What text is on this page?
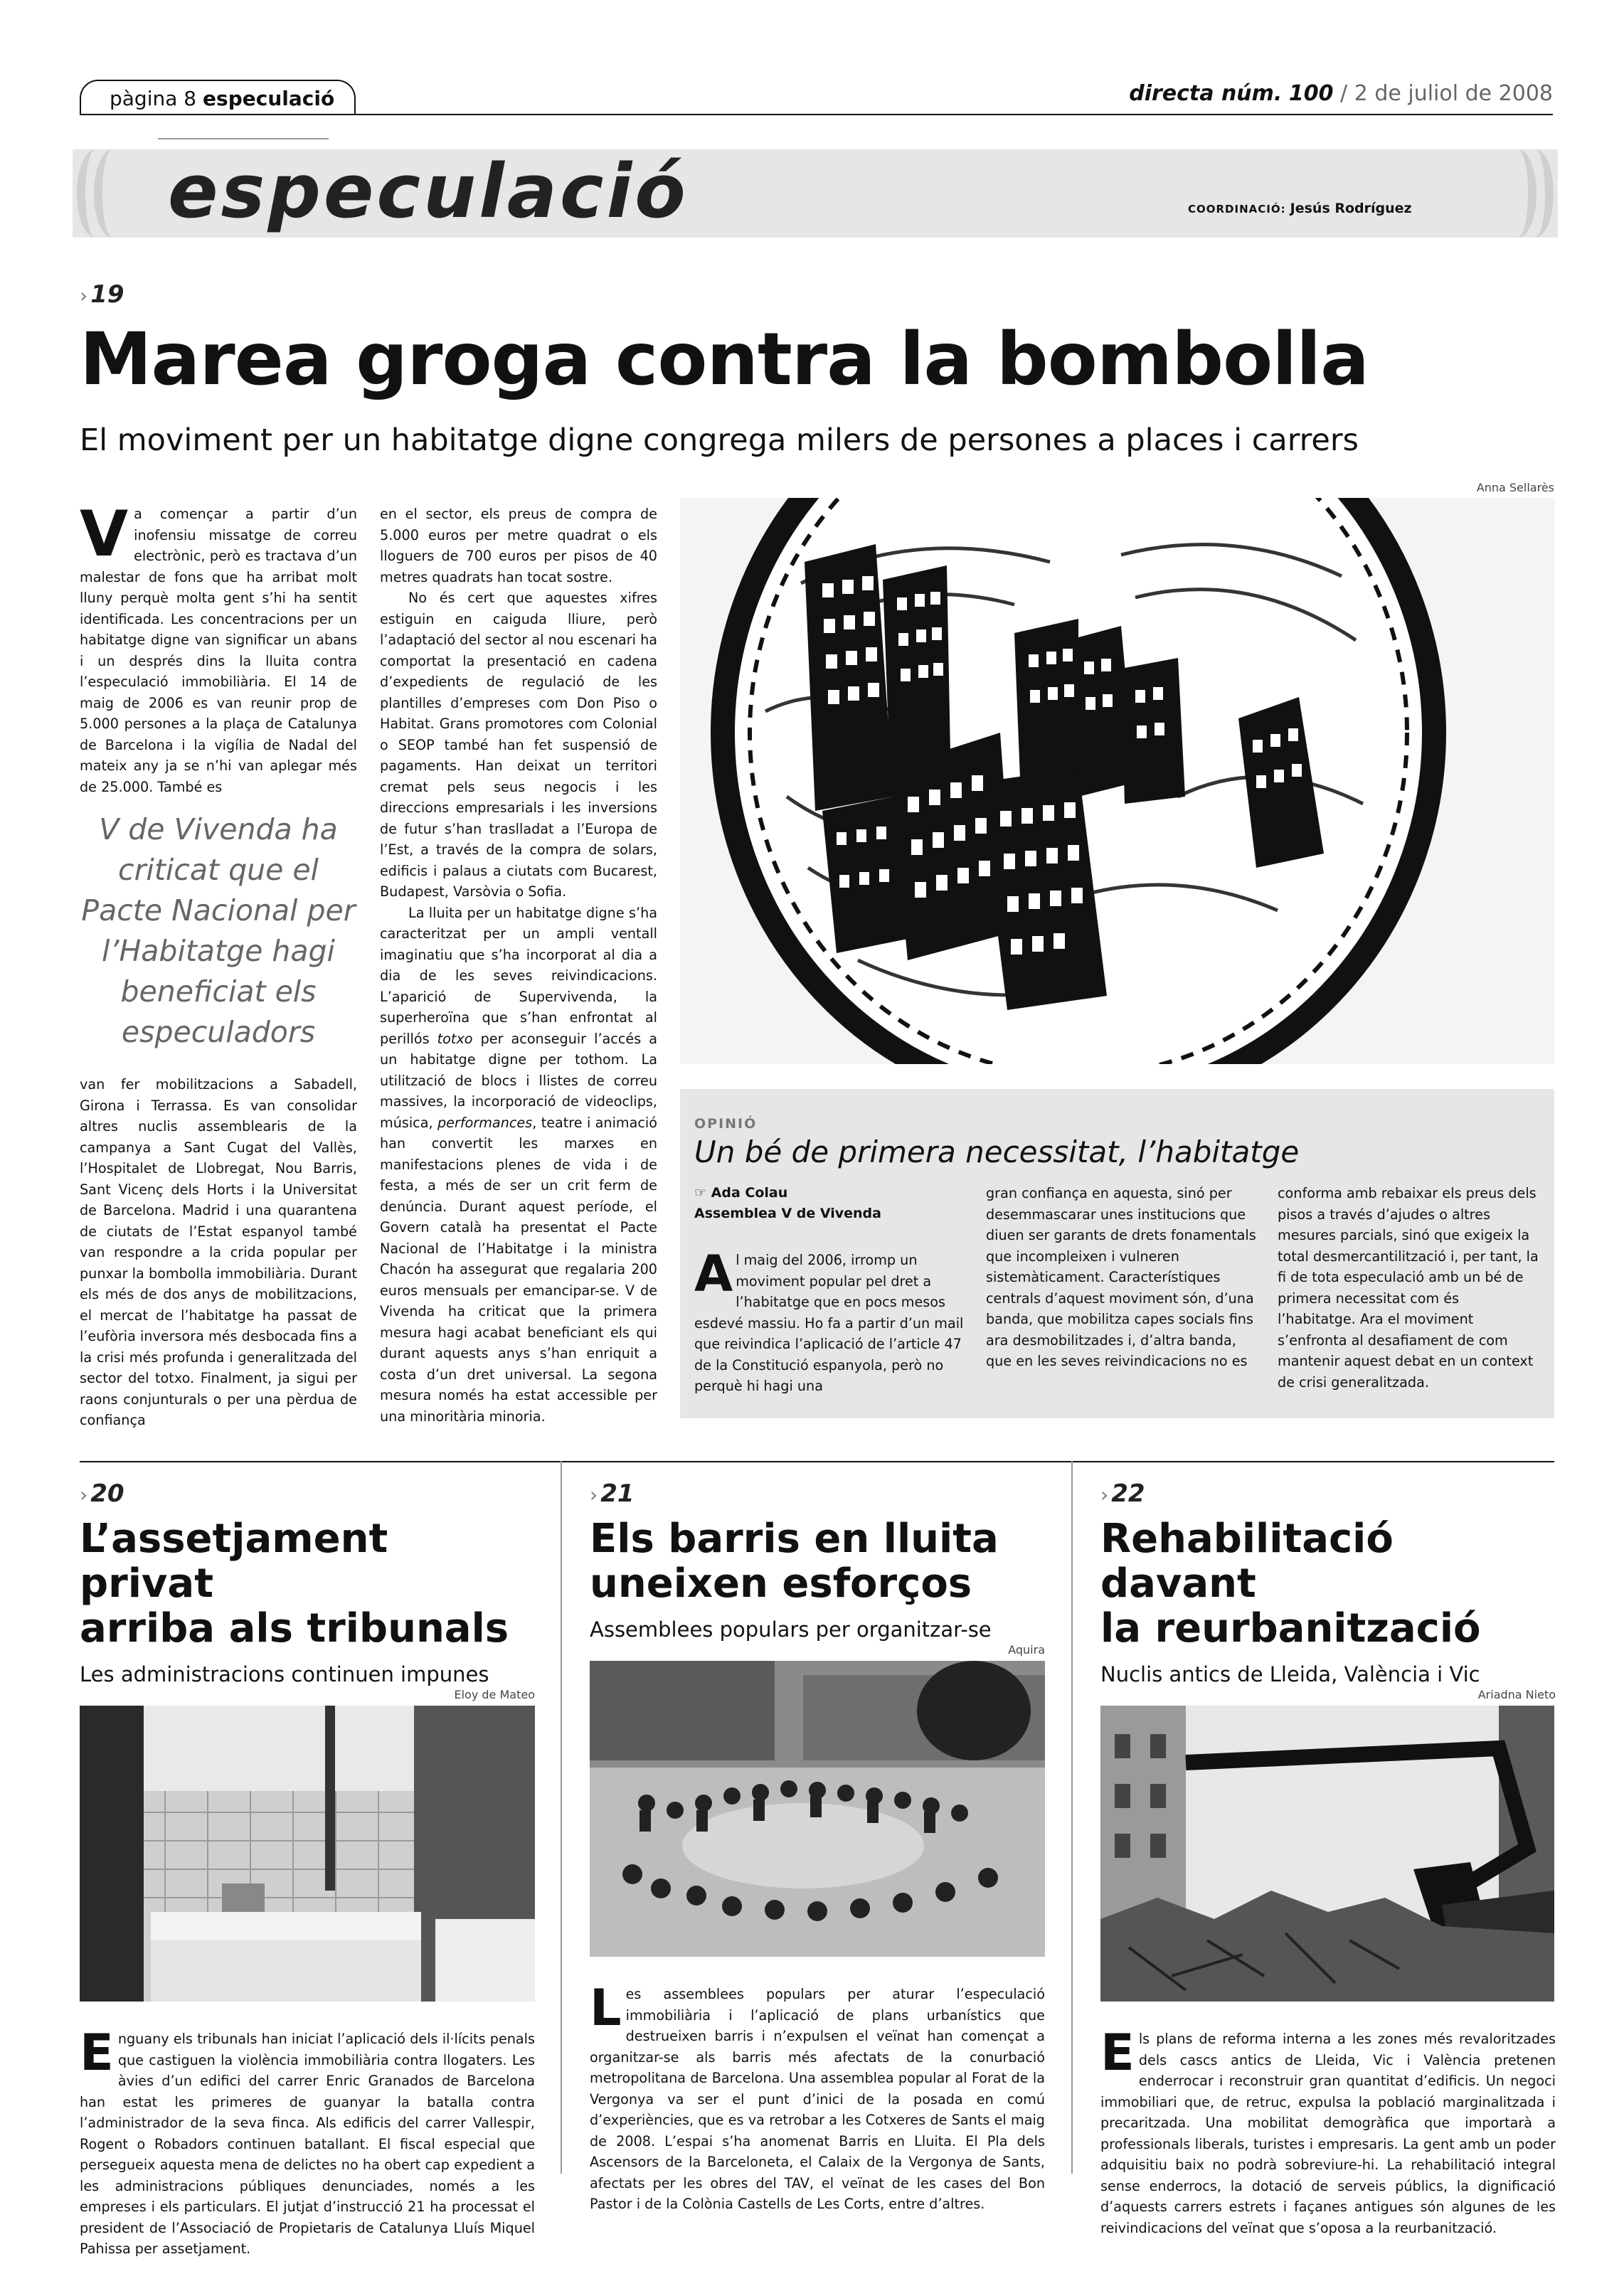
pàgina 8 especulació	directa núm. 100 / 2 de juliol de 2008
especulació	COORDINACIÓ: Jesús Rodríguez
› 19
Marea groga contra la bombolla
El moviment per un habitatge digne congrega milers de persones a places i carrers
Anna Sellarès

Va començar a partir d’un inofensiu missatge de correu electrònic, però es tractava d’un malestar de fons que ha arribat molt lluny perquè molta gent s’hi ha sentit identificada. Les concentracions per un habitatge digne van significar un abans i un després dins la lluita contra l’especulació immobiliària. El 14 de maig de 2006 es van reunir prop de 5.000 persones a la plaça de Catalunya de Barcelona i la vigília de Nadal del mateix any ja se n’hi van aplegar més de 25.000. També es

V de Vivenda ha criticat que el Pacte Nacional per l’Habitatge hagi beneficiat els especuladors

van fer mobilitzacions a Sabadell, Girona i Terrassa. Es van consolidar altres nuclis assemblearis de la campanya a Sant Cugat del Vallès, l’Hospitalet de Llobregat, Nou Barris, Sant Vicenç dels Horts i la Universitat de Barcelona. Madrid i una quarantena de ciutats de l’Estat espanyol també van respondre a la crida popular per punxar la bombolla immobiliària. Durant els més de dos anys de mobilitzacions, el mercat de l’habitatge ha passat de l’eufòria inversora més desbocada fins a la crisi més profunda i generalitzada del sector del totxo. Finalment, ja sigui per raons conjunturals o per una pèrdua de confiança

en el sector, els preus de compra de 5.000 euros per metre quadrat o els lloguers de 700 euros per pisos de 40 metres quadrats han tocat sostre.

No és cert que aquestes xifres estiguin en caiguda lliure, però l’adaptació del sector al nou escenari ha comportat la presentació en cadena d’expedients de regulació de les plantilles d’empreses com Don Piso o Habitat. Grans promotores com Colonial o SEOP també han fet suspensió de pagaments. Han deixat un territori cremat pels seus negocis i les direccions empresarials i les inversions de futur s’han traslladat a l’Europa de l’Est, a través de la compra de solars, edificis i palaus a ciutats com Bucarest, Budapest, Varsòvia o Sofia.

La lluita per un habitatge digne s’ha caracteritzat per un ampli ventall imaginatiu que s’ha incorporat al dia a dia de les seves reivindicacions. L’aparició de Supervivenda, la superheroïna que s’han enfrontat al perillós totxo per aconseguir l’accés a un habitatge digne per tothom. La utilització de blocs i llistes de correu massives, la incorporació de videoclips, música, performances, teatre i animació han convertit les marxes en manifestacions plenes de vida i de festa, a més de ser un crit ferm de denúncia. Durant aquest període, el Govern català ha presentat el Pacte Nacional de l’Habitatge i la ministra Chacón ha assegurat que regalaria 200 euros mensuals per emancipar-se. V de Vivenda ha criticat que la primera mesura hagi acabat beneficiant els qui durant aquests anys s’han enriquit a costa d’un dret universal. La segona mesura només ha estat accessible per una minoritària minoria.

OPINIÓ
Un bé de primera necessitat, l’habitatge
☞ Ada Colau
Assemblea V de Vivenda
Al maig del 2006, irromp un moviment popular pel dret a l’habitatge que en pocs mesos esdevé massiu. Ho fa a partir d’un mail que reivindica l’aplicació de l’article 47 de la Constitució espanyola, però no perquè hi hagi una
gran confiança en aquesta, sinó per desemmascarar unes institucions que diuen ser garants de drets fonamentals que incompleixen i vulneren sistemàticament. Característiques centrals d’aquest moviment són, d’una banda, que mobilitza capes socials fins ara desmobilitzades i, d’altra banda, que en les seves reivindicacions no es
conforma amb rebaixar els preus dels pisos a través d’ajudes o altres mesures parcials, sinó que exigeix la total desmercantilització i, per tant, la fi de tota especulació amb un bé de primera necessitat com és l’habitatge. Ara el moviment s’enfronta al desafiament de com mantenir aquest debat en un context de crisi generalitzada.
› 20
L’assetjament privat
arriba als tribunals
Les administracions continuen impunes
Eloy de Mateo
Enguany els tribunals han iniciat l’aplicació dels il·lícits penals que castiguen la violència immobiliària contra llogaters. Les àvies d’un edifici del carrer Enric Granados de Barcelona han estat les primeres de guanyar la batalla contra l’administrador de la seva finca. Als edificis del carrer Vallespir, Rogent o Robadors continuen batallant. El fiscal especial que persegueix aquesta mena de delictes no ha obert cap expedient a les administracions públiques denunciades, només a les empreses i els particulars. El jutjat d’instrucció 21 ha processat el president de l’Associació de Propietaris de Catalunya Lluís Miquel Pahissa per assetjament.
› 21
Els barris en lluita
uneixen esforços
Assemblees populars per organitzar-se
Aquira
Les assemblees populars per aturar l’especulació immobiliària i l’aplicació de plans urbanístics que destrueixen barris i n’expulsen el veïnat han començat a organitzar-se als barris més afectats de la conurbació metropolitana de Barcelona. Una assemblea popular al Forat de la Vergonya va ser el punt d’inici de la posada en comú d’experiències, que es va retrobar a les Cotxeres de Sants el maig de 2008. L’espai s’ha anomenat Barris en Lluita. El Pla dels Ascensors de la Barceloneta, el Calaix de la Vergonya de Sants, afectats per les obres del TAV, el veïnat de les cases del Bon Pastor i de la Colònia Castells de Les Corts, entre d’altres.
› 22
Rehabilitació davant
la reurbanització
Nuclis antics de Lleida, València i Vic
Ariadna Nieto
Els plans de reforma interna a les zones més revaloritzades dels cascs antics de Lleida, Vic i València pretenen enderrocar i reconstruir gran quantitat d’edificis. Un negoci immobiliari que, de retruc, expulsa la població marginalitzada i precaritzada. Una mobilitat demogràfica que importarà a professionals liberals, turistes i empresaris. La gent amb un poder adquisitiu baix no podrà sobreviure-hi. La rehabilitació integral sense enderrocs, la dotació de serveis públics, la dignificació d’aquests carrers estrets i façanes antigues són algunes de les reivindicacions del veïnat que s’oposa a la reurbanització.
